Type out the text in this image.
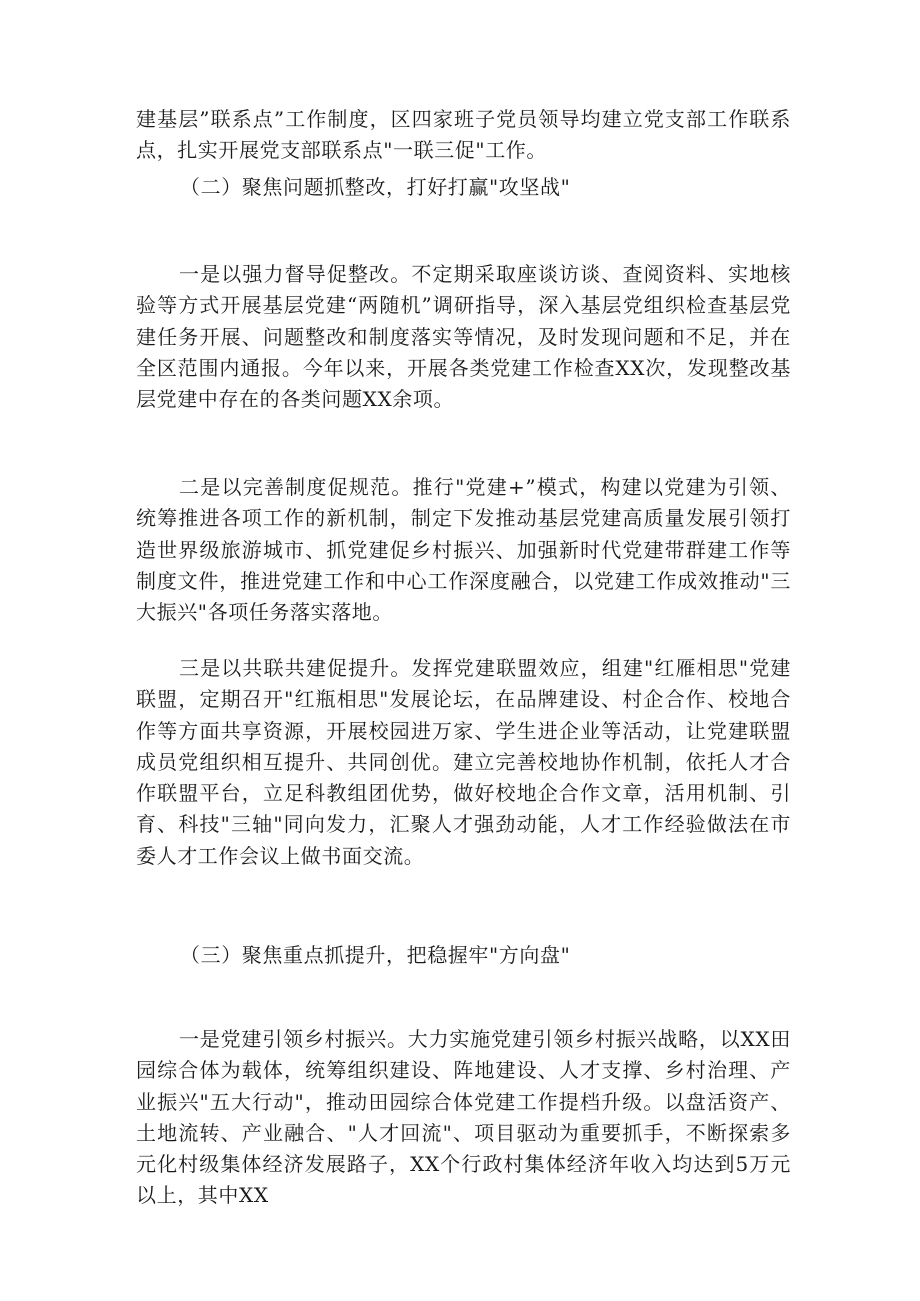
建基层”联系点”工作制度，区四家班子党员领导均建立党支部工作联系点，扎实开展党支部联系点"一联三促"工作。

（二）聚焦问题抓整改，打好打赢"攻坚战"

一是以强力督导促整改。不定期采取座谈访谈、查阅资料、实地核验等方式开展基层党建“两随机”调研指导，深入基层党组织检查基层党建任务开展、问题整改和制度落实等情况，及时发现问题和不足，并在全区范围内通报。今年以来，开展各类党建工作检查XX次，发现整改基层党建中存在的各类问题XX余项。

二是以完善制度促规范。推行"党建+”模式，构建以党建为引领、统筹推进各项工作的新机制，制定下发推动基层党建高质量发展引领打造世界级旅游城市、抓党建促乡村振兴、加强新时代党建带群建工作等制度文件，推进党建工作和中心工作深度融合，以党建工作成效推动"三大振兴"各项任务落实落地。

三是以共联共建促提升。发挥党建联盟效应，组建"红雁相思"党建联盟，定期召开"红瓶相思"发展论坛，在品牌建设、村企合作、校地合作等方面共享资源，开展校园进万家、学生进企业等活动，让党建联盟成员党组织相互提升、共同创优。建立完善校地协作机制，依托人才合作联盟平台，立足科教组团优势，做好校地企合作文章，活用机制、引育、科技"三轴"同向发力，汇聚人才强劲动能，人才工作经验做法在市委人才工作会议上做书面交流。

（三）聚焦重点抓提升，把稳握牢"方向盘"

一是党建引领乡村振兴。大力实施党建引领乡村振兴战略，以XX田园综合体为载体，统筹组织建设、阵地建设、人才支撑、乡村治理、产业振兴"五大行动"，推动田园综合体党建工作提档升级。以盘活资产、土地流转、产业融合、"人才回流"、项目驱动为重要抓手，不断探索多元化村级集体经济发展路子，XX个行政村集体经济年收入均达到5万元以上，其中XX
